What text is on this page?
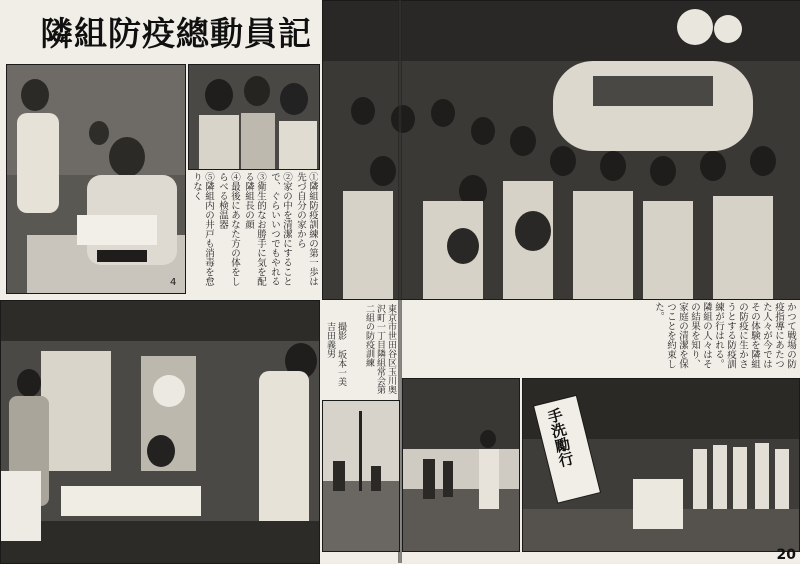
隣組防疫總動員記
4	⑤隣組内の井戸も消毒を怠りなく	④最後にあなた方の体をしらべる検温器	③衛生的なお勝手に気を配る隣組長の顔	②家の中を清潔にすることで、ぐらいいつでもやれる	①隣組防疫訓練の第一歩は先づ自分の家から
東京市世田谷区玉川奥沢町一丁目隣組常会第二組の防疫訓練
撮影 坂本一美 吉田義男	かつて戦場の防疫指導にあたつた人々が今ではその体験を隣組の防疫に生かさうとする防疫訓練が行はれる。隣組の人々はその結果を知り、家庭の清潔を保つことを約束した。
手洗勵行
20
